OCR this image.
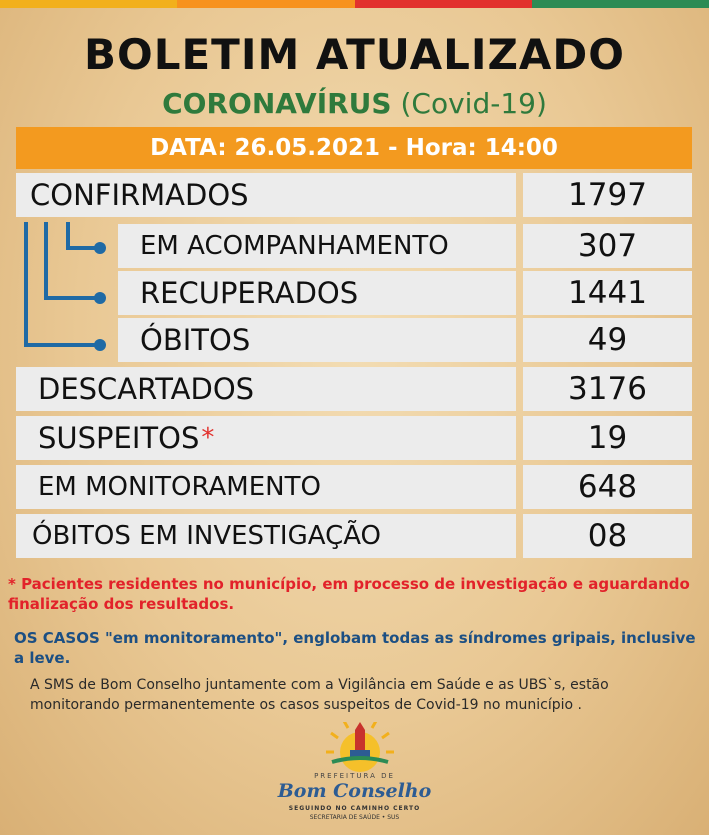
BOLETIM ATUALIZADO
CORONAVÍRUS (Covid-19)
DATA: 26.05.2021 - Hora: 14:00
CONFIRMADOS	1797
EM ACOMPANHAMENTO	307
RECUPERADOS	1441
ÓBITOS	49
DESCARTADOS	3176
SUSPEITOS *	19
EM MONITORAMENTO	648
ÓBITOS EM INVESTIGAÇÃO	08
* Pacientes residentes no município, em processo de investigação e aguardando finalização dos resultados.
OS CASOS "em monitoramento", englobam todas as síndromes gripais, inclusive a leve.
A SMS de Bom Conselho juntamente com a Vigilância em Saúde e as UBS`s, estão monitorando permanentemente os casos suspeitos de Covid-19 no município .
PREFEITURA DE
Bom Conselho
SEGUINDO NO CAMINHO CERTO
SECRETARIA DE SAÚDE • SUS
